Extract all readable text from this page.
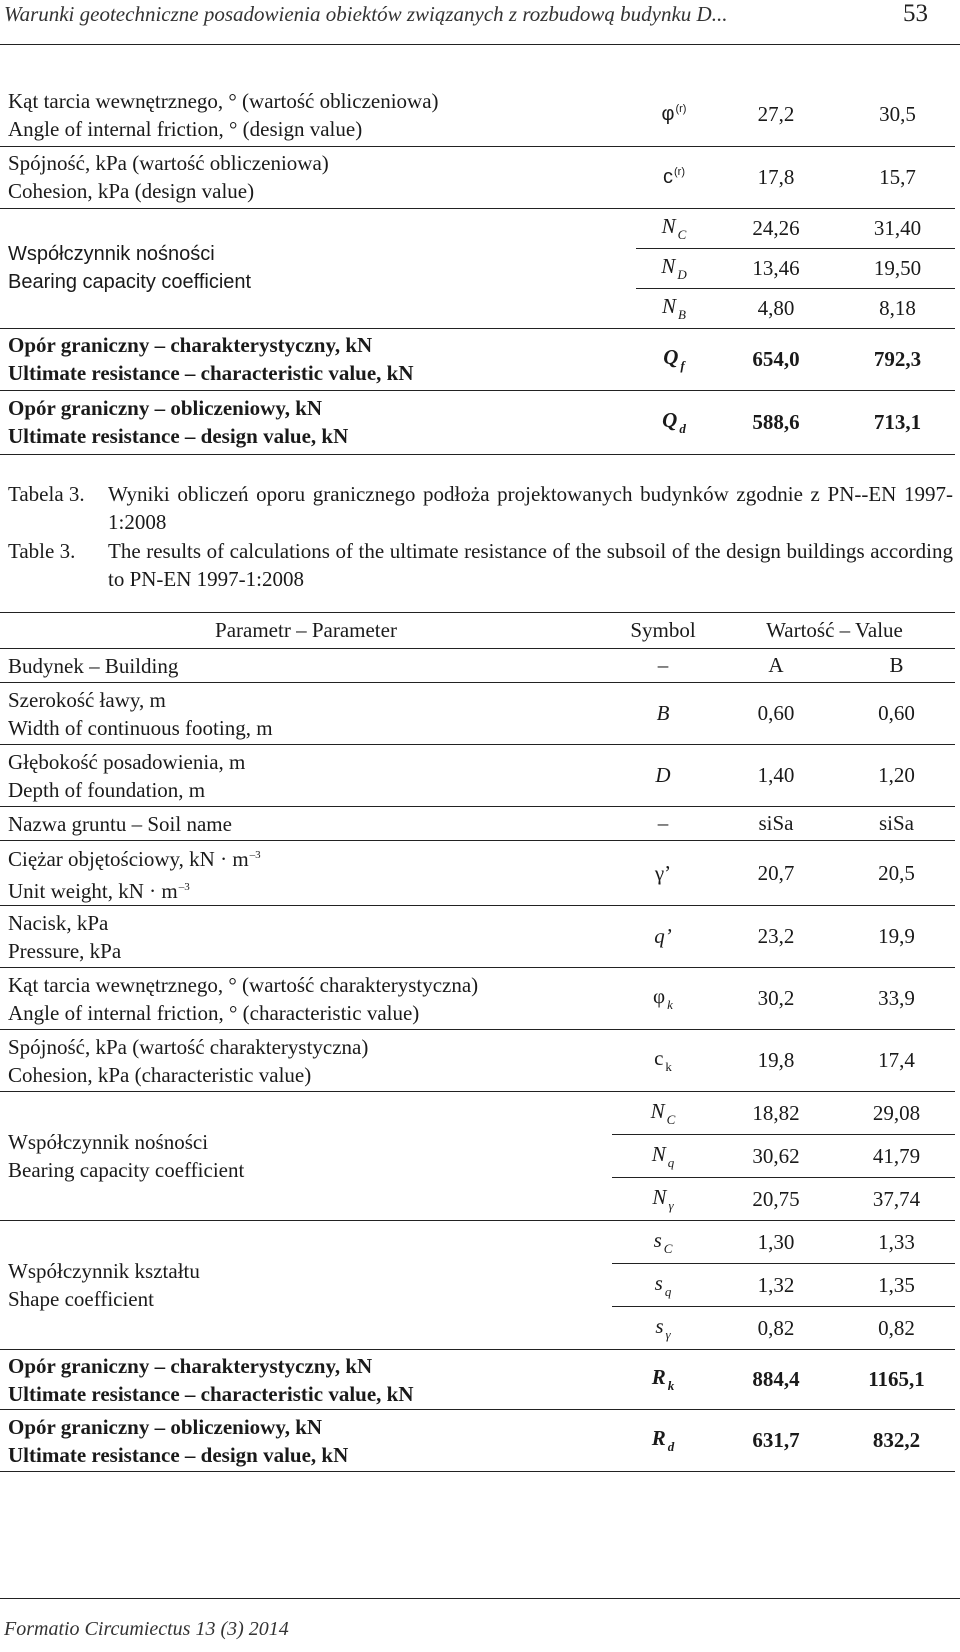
Warunki geotechniczne posadowienia obiektów związanych z rozbudową budynku D...	53
Kąt tarcia wewnętrznego, ° (wartość obliczeniowa)
Angle of internal friction, ° (design value)	$\varphi^{(r)}$	27,2	30,5
Spójność, kPa (wartość obliczeniowa)
Cohesion, kPa (design value)	$c^{(r)}$	17,8	15,7
Współczynnik nośności
Bearing capacity coefficient	N $_C$	24,26	31,40
	N $_D$	13,46	19,50
	N $_B$	4,80	8,18
Opór graniczny – charakterystyczny, kN
Ultimate resistance – characteristic value, kN	Q $_f$	654,0	792,3
Opór graniczny – obliczeniowy, kN
Ultimate resistance – design value, kN	Q $_d$	588,6	713,1
Tabela 3.	Wyniki obliczeń oporu granicznego podłoża projektowanych budynków zgodnie z PN--EN 1997-1:2008
Table 3.	The results of calculations of the ultimate resistance of the subsoil of the design buildings according to PN-EN 1997-1:2008
Parametr – Parameter	Symbol	Wartość – Value	
Budynek – Building	–	A	B
Szerokość ławy, m
Width of continuous footing, m	B	0,60	0,60
Głębokość posadowienia, m
Depth of foundation, m	D	1,40	1,20
Nazwa gruntu – Soil name	–	siSa	siSa
Ciężar objętościowy, kN · $m^{-3}$
Unit weight, kN · $m^{-3}$	γ’	20,7	20,5
Nacisk, kPa
Pressure, kPa	q’	23,2	19,9
Kąt tarcia wewnętrznego, ° (wartość charakterystyczna)
Angle of internal friction, ° (characteristic value)	φ $_k$	30,2	33,9
Spójność, kPa (wartość charakterystyczna)
Cohesion, kPa (characteristic value)	c $_k$	19,8	17,4
Współczynnik nośności
Bearing capacity coefficient	N $_C$	18,82	29,08
	N $_q$	30,62	41,79
	N $_\gamma$	20,75	37,74
Współczynnik kształtu
Shape coefficient	s $_C$	1,30	1,33
	s $_q$	1,32	1,35
	s $_\gamma$	0,82	0,82
Opór graniczny – charakterystyczny, kN
Ultimate resistance – characteristic value, kN	R $_k$	884,4	1165,1
Opór graniczny – obliczeniowy, kN
Ultimate resistance – design value, kN	R $_d$	631,7	832,2
Formatio Circumiectus 13 (3) 2014
